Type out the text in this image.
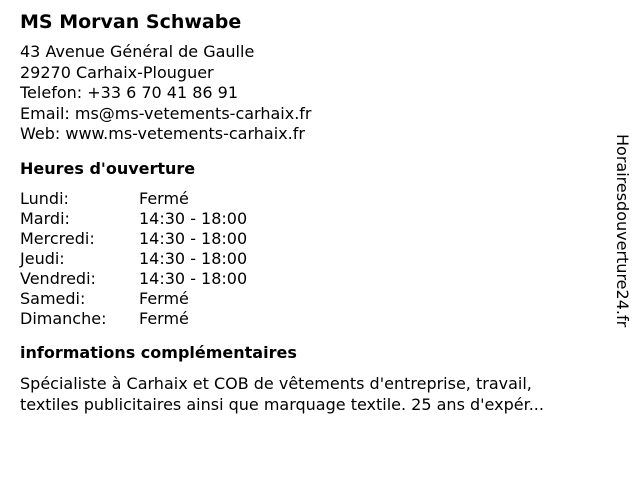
MS Morvan Schwabe
43 Avenue Général de Gaulle
29270 Carhaix-Plouguer
Telefon: +33 6 70 41 86 91
Email: ms@ms-vetements-carhaix.fr
Web: www.ms-vetements-carhaix.fr
Heures d'ouverture
Lundi:	Fermé
Mardi:	14:30 - 18:00
Mercredi:	14:30 - 18:00
Jeudi:	14:30 - 18:00
Vendredi:	14:30 - 18:00
Samedi:	Fermé
Dimanche:	Fermé
informations complémentaires
Spécialiste à Carhaix et COB de vêtements d'entreprise, travail,
textiles publicitaires ainsi que marquage textile. 25 ans d'expér...
Horairesdouverture24.fr
